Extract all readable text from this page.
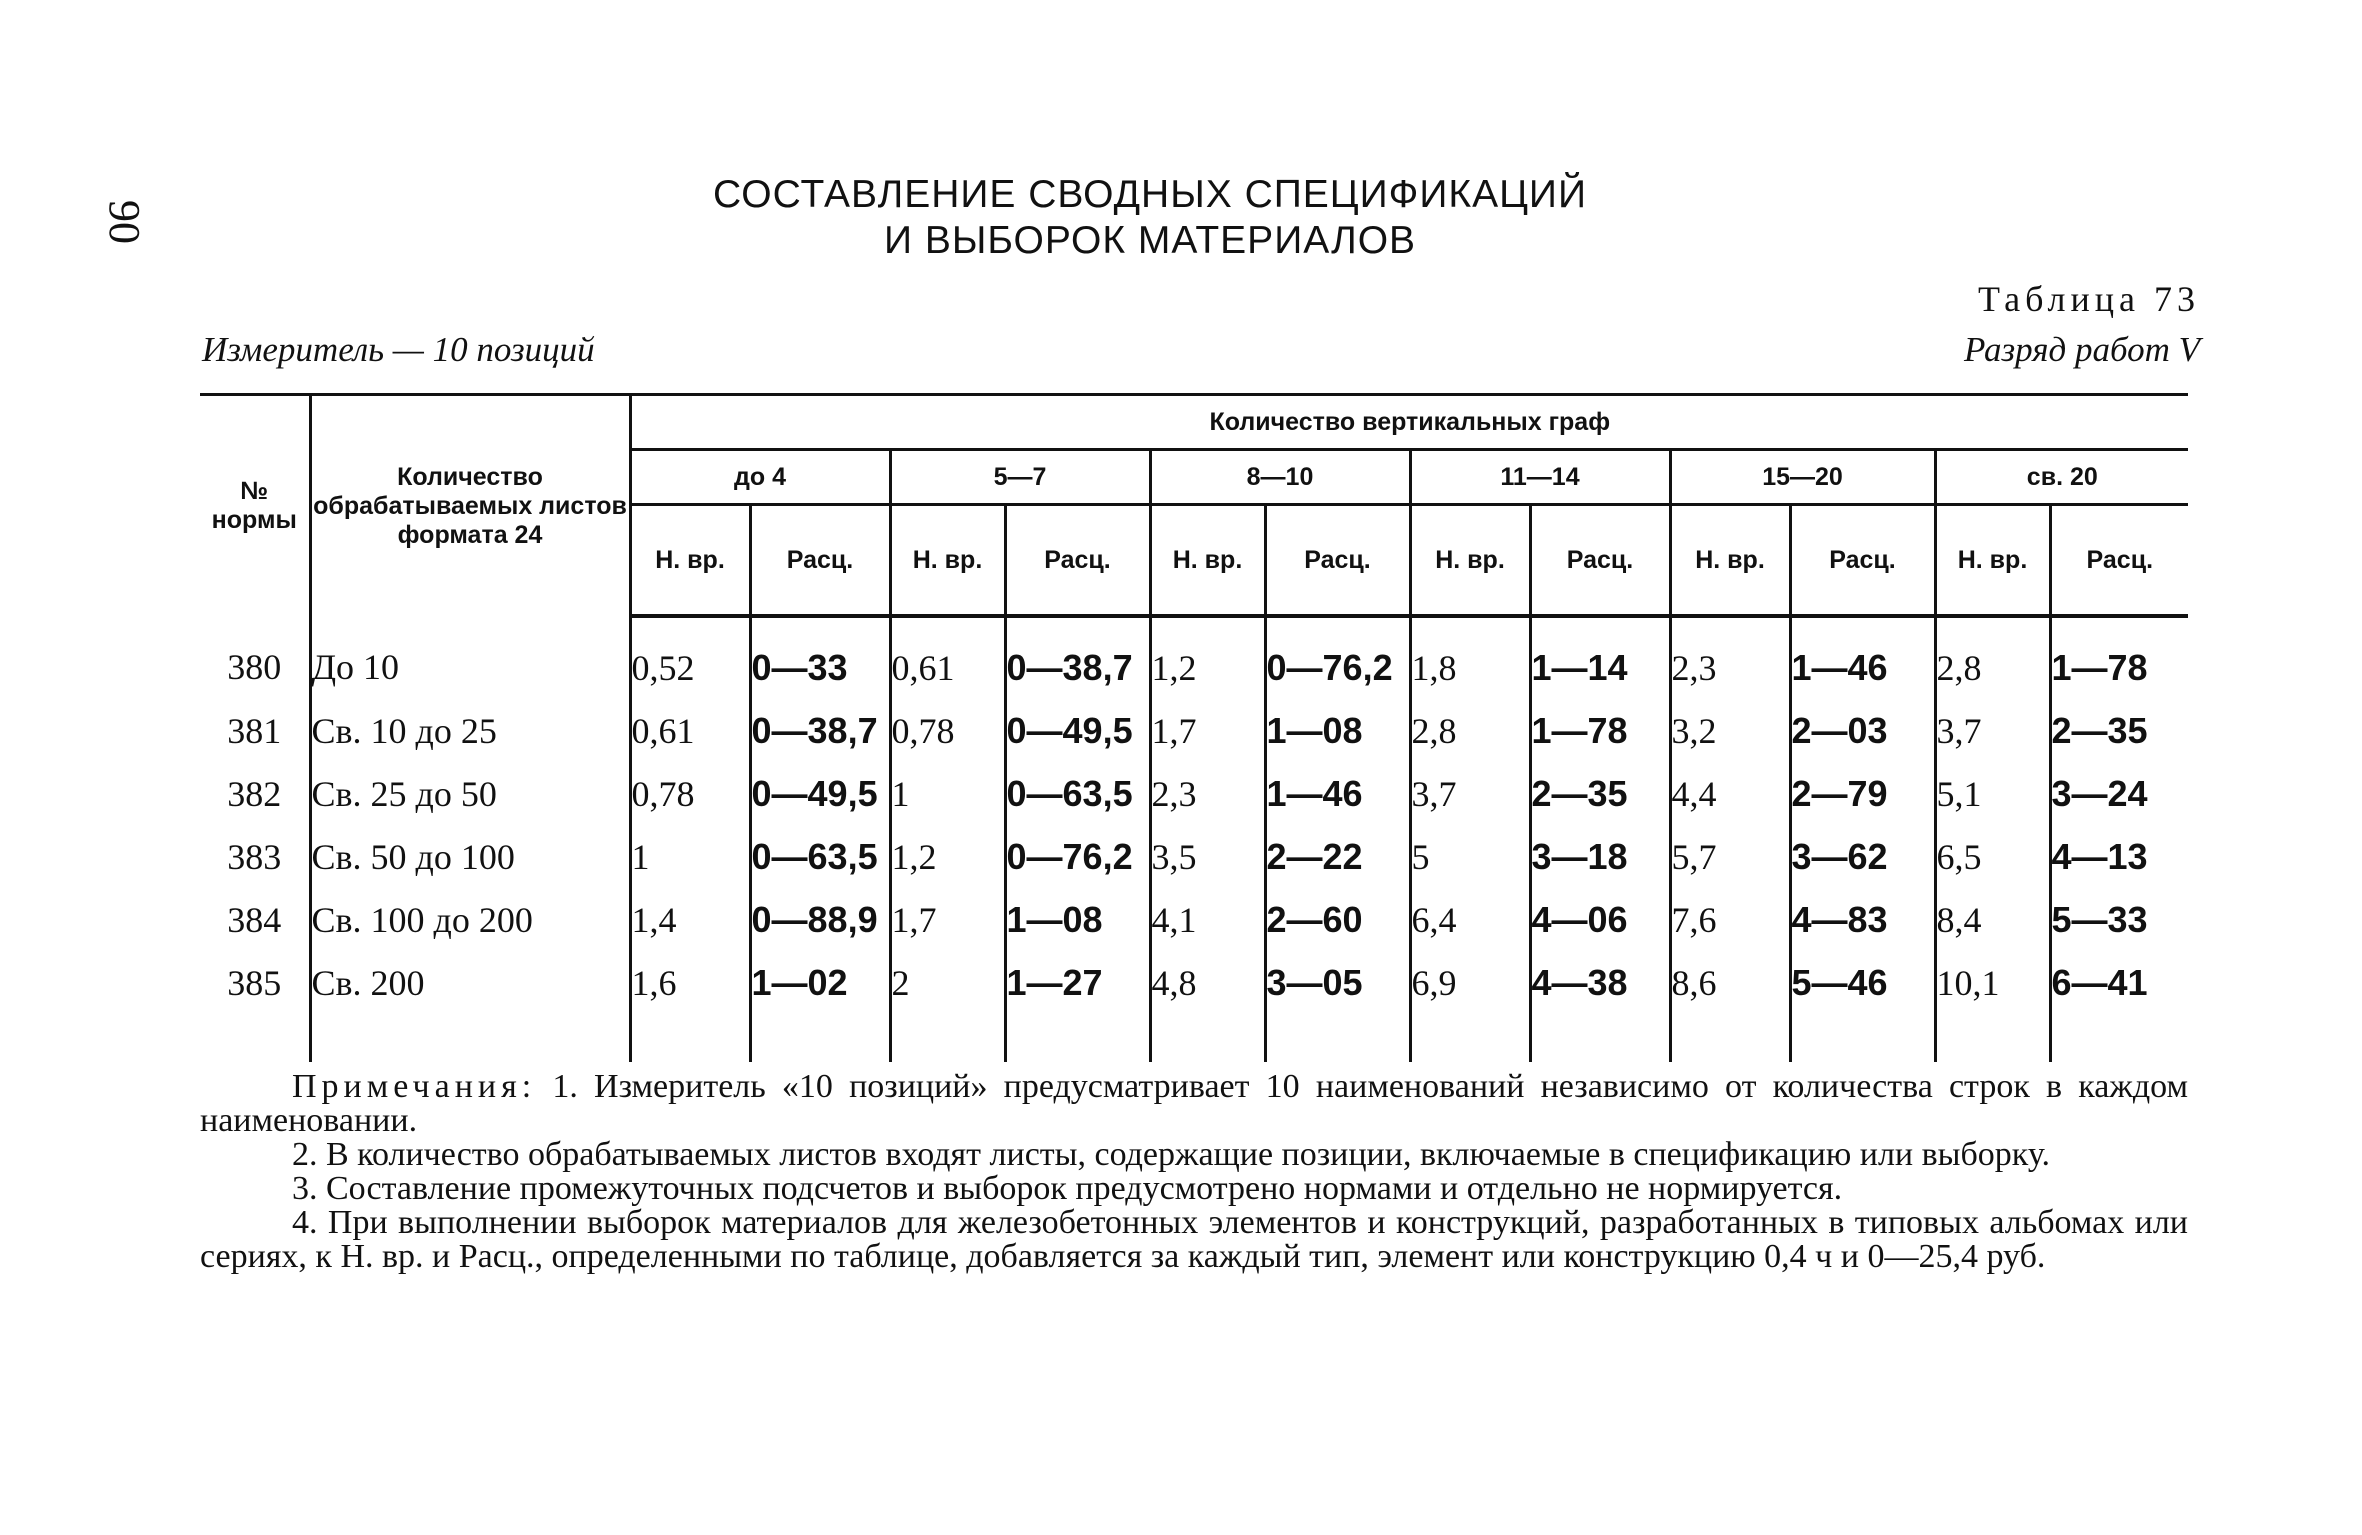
90
СОСТАВЛЕНИЕ СВОДНЫХ СПЕЦИФИКАЦИЙ
И ВЫБОРОК МАТЕРИАЛОВ
Таблица 73
Измеритель — 10 позиций	Разряд работ V
№ нормы	Количество обрабатываемых листов формата 24	Количество вертикальных граф											
		до 4		5—7		8—10		11—14		15—20		св. 20	
		Н. вр.	Расц.	Н. вр.	Расц.	Н. вр.	Расц.	Н. вр.	Расц.	Н. вр.	Расц.	Н. вр.	Расц.
380	До 10	0,52	0—33	0,61	0—38,7	1,2	0—76,2	1,8	1—14	2,3	1—46	2,8	1—78
381	Св. 10 до 25	0,61	0—38,7	0,78	0—49,5	1,7	1—08	2,8	1—78	3,2	2—03	3,7	2—35
382	Св. 25 до 50	0,78	0—49,5	1	0—63,5	2,3	1—46	3,7	2—35	4,4	2—79	5,1	3—24
383	Св. 50 до 100	1	0—63,5	1,2	0—76,2	3,5	2—22	5	3—18	5,7	3—62	6,5	4—13
384	Св. 100 до 200	1,4	0—88,9	1,7	1—08	4,1	2—60	6,4	4—06	7,6	4—83	8,4	5—33
385	Св. 200	1,6	1—02	2	1—27	4,8	3—05	6,9	4—38	8,6	5—46	10,1	6—41

Примечания: 1. Измеритель «10 позиций» предусматривает 10 наименований независимо от количества строк в каждом наименовании.

2. В количество обрабатываемых листов входят листы, содержащие позиции, включаемые в спецификацию или выборку.

3. Составление промежуточных подсчетов и выборок предусмотрено нормами и отдельно не нормируется.

4. При выполнении выборок материалов для железобетонных элементов и конструкций, разработанных в типовых альбомах или сериях, к Н. вр. и Расц., определенными по таблице, добавляется за каждый тип, элемент или конструкцию 0,4 ч и 0—25,4 руб.
